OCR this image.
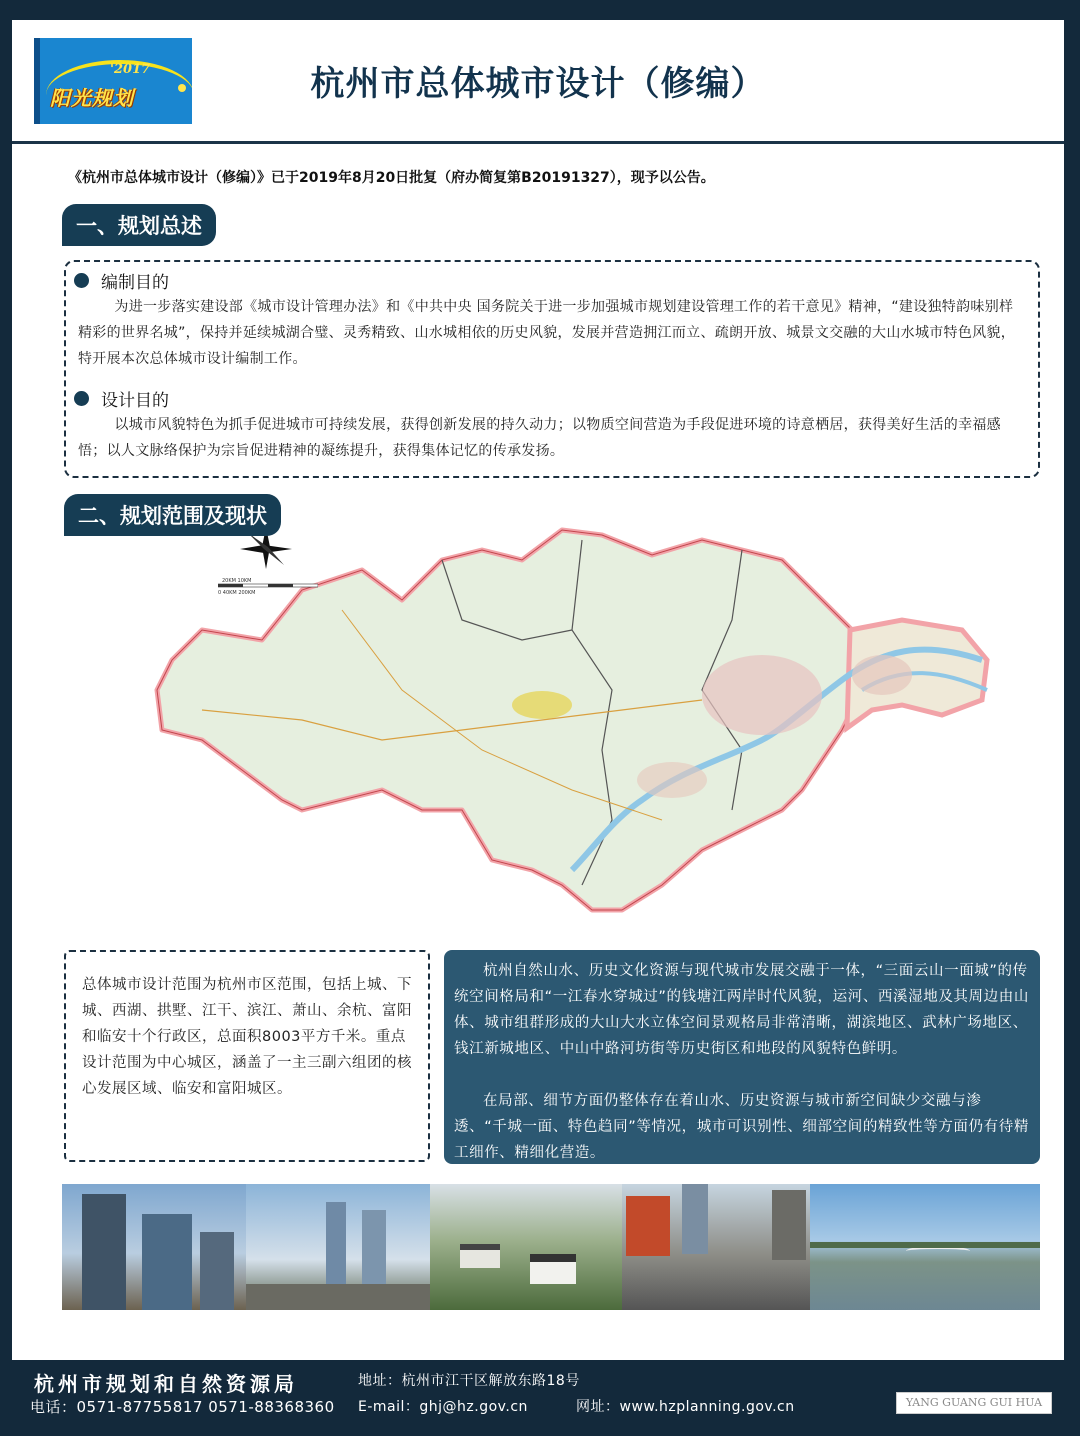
'2017
阳光规划	杭州市总体城市设计（修编）
《杭州市总体城市设计（修编）》已于2019年8月20日批复（府办简复第B20191327），现予以公告。
一、规划总述
编制目的
为进一步落实建设部《城市设计管理办法》和《中共中央 国务院关于进一步加强城市规划建设管理工作的若干意见》精神，“建设独特韵味别样精彩的世界名城”，保持并延续城湖合璧、灵秀精致、山水城相依的历史风貌，发展并营造拥江而立、疏朗开放、城景文交融的大山水城市特色风貌，特开展本次总体城市设计编制工作。
设计目的
以城市风貌特色为抓手促进城市可持续发展，获得创新发展的持久动力；以物质空间营造为手段促进环境的诗意栖居，获得美好生活的幸福感悟；以人文脉络保护为宗旨促进精神的凝练提升，获得集体记忆的传承发扬。
20KM 10KM
0 40KM 200KM
二、规划范围及现状

总体城市设计范围为杭州市区范围，包括上城、下城、西湖、拱墅、江干、滨江、萧山、余杭、富阳和临安十个行政区，总面积8003平方千米。重点设计范围为中心城区，涵盖了一主三副六组团的核心发展区域、临安和富阳城区。

杭州自然山水、历史文化资源与现代城市发展交融于一体，“三面云山一面城”的传统空间格局和“一江春水穿城过”的钱塘江两岸时代风貌，运河、西溪湿地及其周边由山体、城市组群形成的大山大水立体空间景观格局非常清晰，湖滨地区、武林广场地区、钱江新城地区、中山中路河坊街等历史街区和地段的风貌特色鲜明。

在局部、细节方面仍整体存在着山水、历史资源与城市新空间缺少交融与渗透、“千城一面、特色趋同”等情况，城市可识别性、细部空间的精致性等方面仍有待精工细作、精细化营造。

杭州市规划和自然资源局	地址：杭州市江干区解放东路18号
电话：0571-87755817 0571-88368360 E-mail：ghj@hz.gov.cn	网址：www.hzplanning.gov.cn	YANG GUANG GUI HUA
